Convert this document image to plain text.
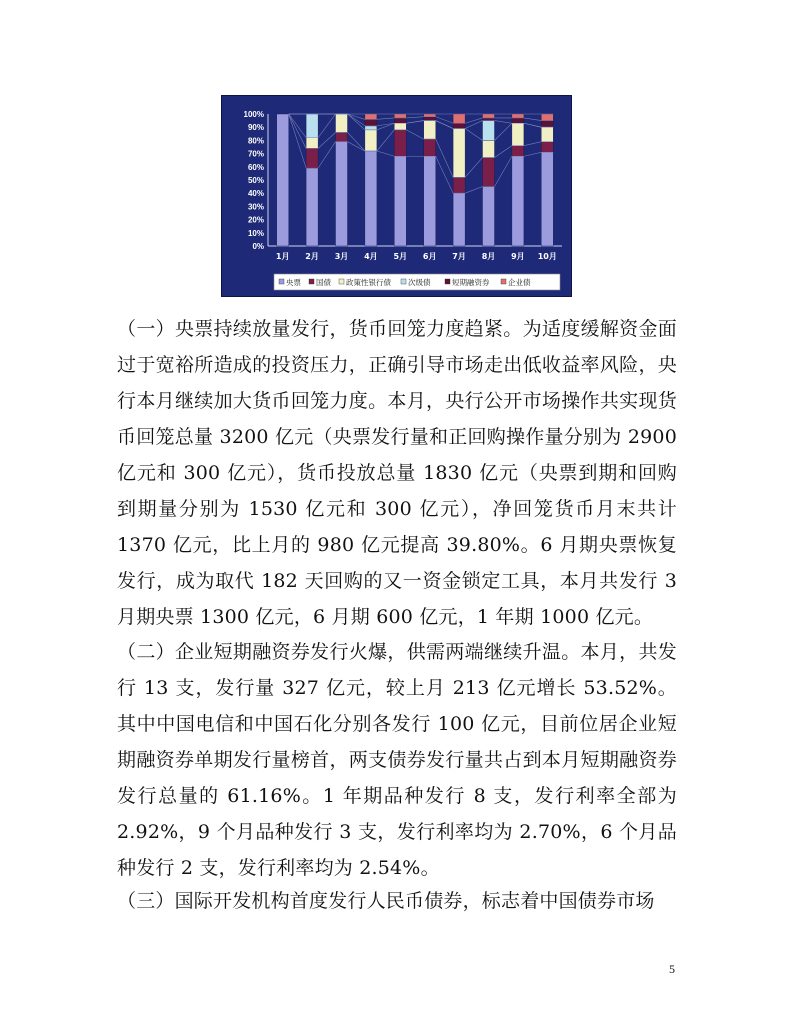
0%
10%
20%
30%
40%
50%
60%
70%
80%
90%
100%
1月 2月 3月 4月 5月 6月 7月 8月 9月 10月
央票 国债 政策性银行债 次级债	短期融资券 企业债

（一）央票持续放量发行，货币回笼力度趋紧。为适度缓解资金面过于宽裕所造成的投资压力，正确引导市场走出低收益率风险，央行本月继续加大货币回笼力度。本月，央行公开市场操作共实现货币回笼总量 3200 亿元（央票发行量和正回购操作量分别为 2900 亿元和 300 亿元），货币投放总量 1830 亿元（央票到期和回购到期量分别为 1530 亿元和 300 亿元），净回笼货币月末共计 1370 亿元，比上月的 980 亿元提高 39.80%。6 月期央票恢复发行，成为取代 182 天回购的又一资金锁定工具，本月共发行 3 月期央票 1300 亿元，6 月期 600 亿元，1 年期 1000 亿元。

（二）企业短期融资券发行火爆，供需两端继续升温。本月，共发行 13 支，发行量 327 亿元，较上月 213 亿元增长 53.52%。其中中国电信和中国石化分别各发行 100 亿元，目前位居企业短期融资券单期发行量榜首，两支债券发行量共占到本月短期融资券发行总量的 61.16%。1 年期品种发行 8 支，发行利率全部为 2.92%，9 个月品种发行 3 支，发行利率均为 2.70%，6 个月品种发行 2 支，发行利率均为 2.54%。

（三）国际开发机构首度发行人民币债券，标志着中国债券市场

5
